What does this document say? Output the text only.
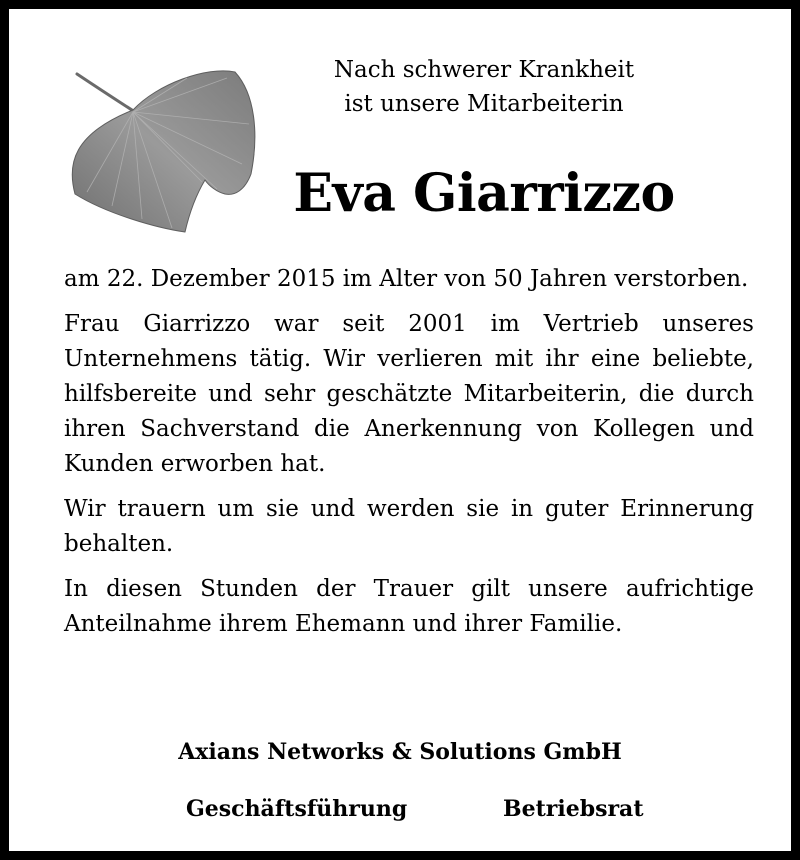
Nach schwerer Krankheit
ist unsere Mitarbeiterin
Eva Giarrizzo

am 22. Dezember 2015 im Alter von 50 Jahren verstorben.

Frau Giarrizzo war seit 2001 im Vertrieb unseres Unternehmens tätig. Wir verlieren mit ihr eine beliebte, hilfsbereite und sehr geschätzte Mitarbeiterin, die durch ihren Sachverstand die Anerkennung von Kollegen und Kunden erworben hat.

Wir trauern um sie und werden sie in guter Erinnerung behalten.

In diesen Stunden der Trauer gilt unsere aufrichtige Anteilnahme ihrem Ehemann und ihrer Familie.

Axians Networks & Solutions GmbH
Geschäftsführung	Betriebsrat
